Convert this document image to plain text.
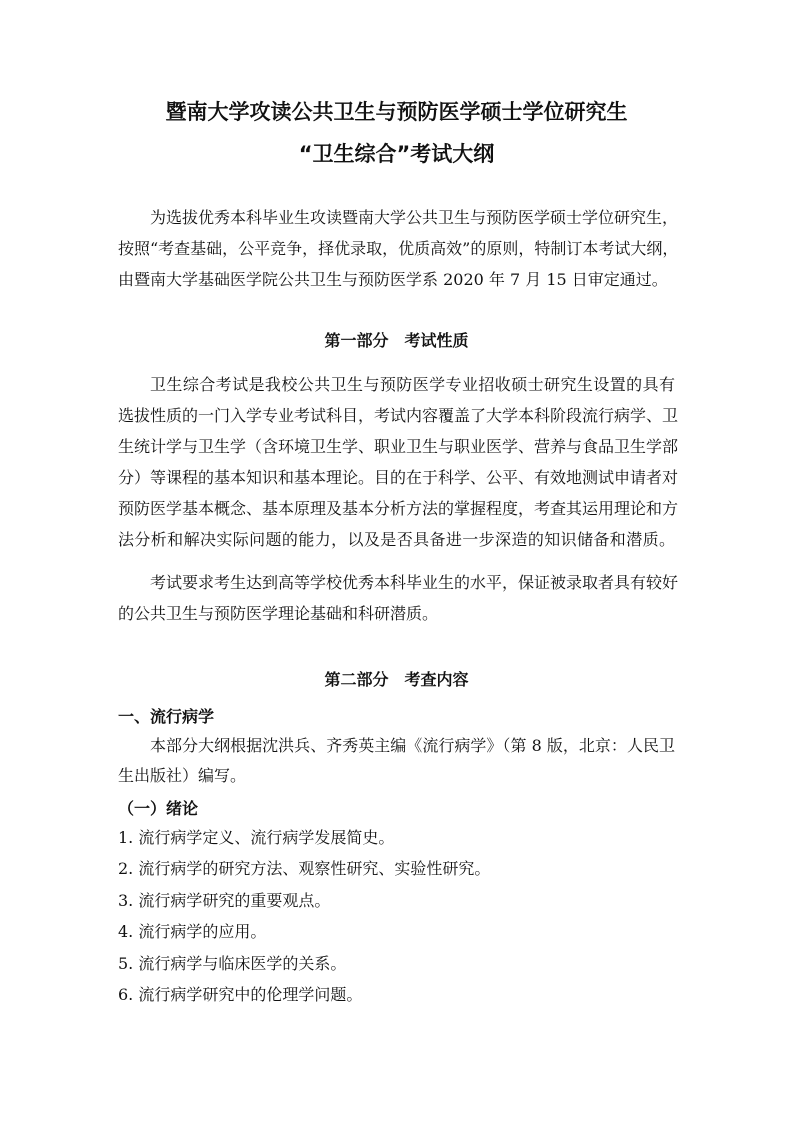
暨南大学攻读公共卫生与预防医学硕士学位研究生
“卫生综合”考试大纲
为选拔优秀本科毕业生攻读暨南大学公共卫生与预防医学硕士学位研究生，
按照“考查基础，公平竞争，择优录取，优质高效”的原则，特制订本考试大纲，
由暨南大学基础医学院公共卫生与预防医学系 2020 年 7 月 15 日审定通过。
第一部分　考试性质
卫生综合考试是我校公共卫生与预防医学专业招收硕士研究生设置的具有
选拔性质的一门入学专业考试科目，考试内容覆盖了大学本科阶段流行病学、卫
生统计学与卫生学（含环境卫生学、职业卫生与职业医学、营养与食品卫生学部
分）等课程的基本知识和基本理论。目的在于科学、公平、有效地测试申请者对
预防医学基本概念、基本原理及基本分析方法的掌握程度，考查其运用理论和方
法分析和解决实际问题的能力，以及是否具备进一步深造的知识储备和潜质。
考试要求考生达到高等学校优秀本科毕业生的水平，保证被录取者具有较好
的公共卫生与预防医学理论基础和科研潜质。
第二部分　考查内容
一、流行病学
本部分大纲根据沈洪兵、齐秀英主编《流行病学》（第 8 版，北京：人民卫
生出版社）编写。
（一）绪论
1. 流行病学定义、流行病学发展简史。
2. 流行病学的研究方法、观察性研究、实验性研究。
3. 流行病学研究的重要观点。
4. 流行病学的应用。
5. 流行病学与临床医学的关系。
6. 流行病学研究中的伦理学问题。
